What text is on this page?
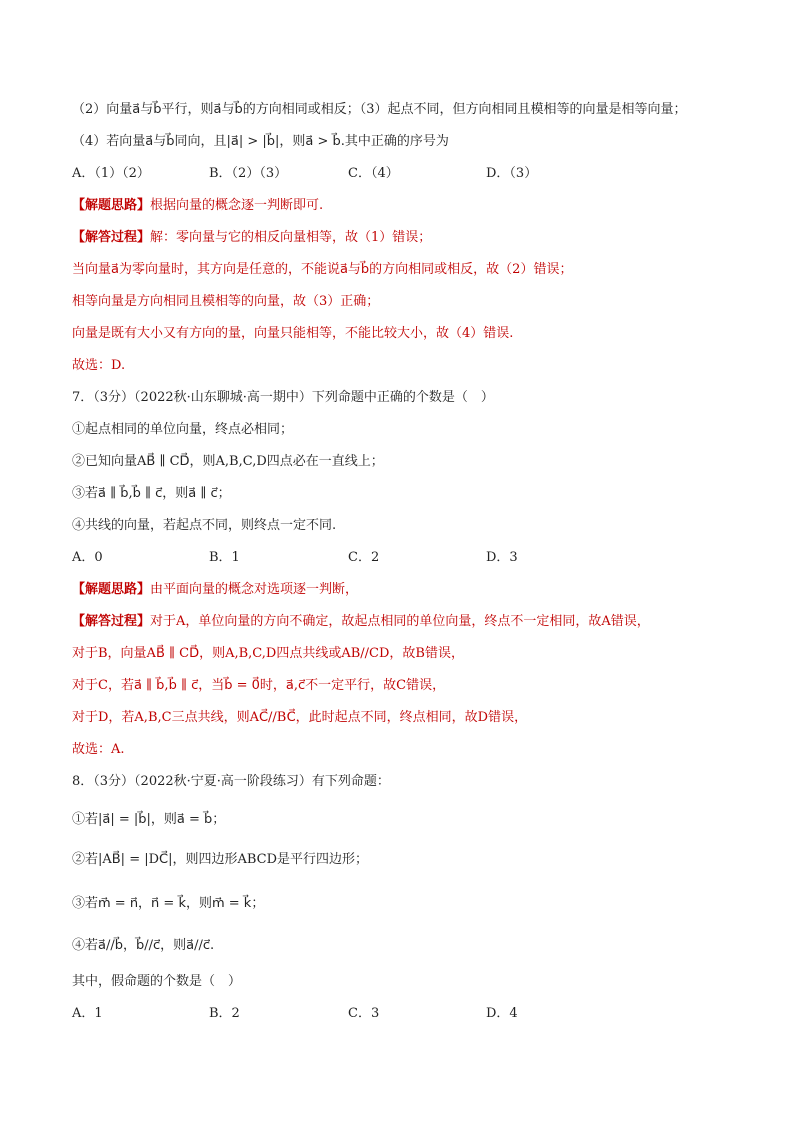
（2）向量a⃗与b⃗平行，则a⃗与b⃗的方向相同或相反；（3）起点不同，但方向相同且模相等的向量是相等向量；
（4）若向量a⃗与b⃗同向，且|a⃗| > |b⃗|，则a⃗ > b⃗.其中正确的序号为
A．（1）（2）	B．（2）（3）	C．（4）	D．（3）
【解题思路】根据向量的概念逐一判断即可.
【解答过程】解：零向量与它的相反向量相等，故（1）错误；
当向量a⃗为零向量时，其方向是任意的，不能说a⃗与b⃗的方向相同或相反，故（2）错误；
相等向量是方向相同且模相等的向量，故（3）正确；
向量是既有大小又有方向的量，向量只能相等，不能比较大小，故（4）错误.
故选：D.
7．（3分）（2022秋·山东聊城·高一期中）下列命题中正确的个数是（　）
①起点相同的单位向量，终点必相同；
②已知向量AB⃗ ∥ CD⃗，则A,B,C,D四点必在一直线上；
③若a⃗ ∥ b⃗,b⃗ ∥ c⃗，则a⃗ ∥ c⃗；
④共线的向量，若起点不同，则终点一定不同.
A．0	B．1	C．2	D．3
【解题思路】由平面向量的概念对选项逐一判断，
【解答过程】对于A，单位向量的方向不确定，故起点相同的单位向量，终点不一定相同，故A错误，
对于B，向量AB⃗ ∥ CD⃗，则A,B,C,D四点共线或AB//CD，故B错误，
对于C，若a⃗ ∥ b⃗,b⃗ ∥ c⃗，当b⃗ = 0⃗时，a⃗,c⃗不一定平行，故C错误，
对于D，若A,B,C三点共线，则AC⃗//BC⃗，此时起点不同，终点相同，故D错误，
故选：A.
8．（3分）（2022秋·宁夏·高一阶段练习）有下列命题：
①若|a⃗| = |b⃗|，则a⃗ = b⃗；
②若|AB⃗| = |DC⃗|，则四边形ABCD是平行四边形；
③若m⃗ = n⃗，n⃗ = k⃗，则m⃗ = k⃗；
④若a⃗//b⃗，b⃗//c⃗，则a⃗//c⃗.
其中，假命题的个数是（　）
A．1	B．2	C．3	D．4
